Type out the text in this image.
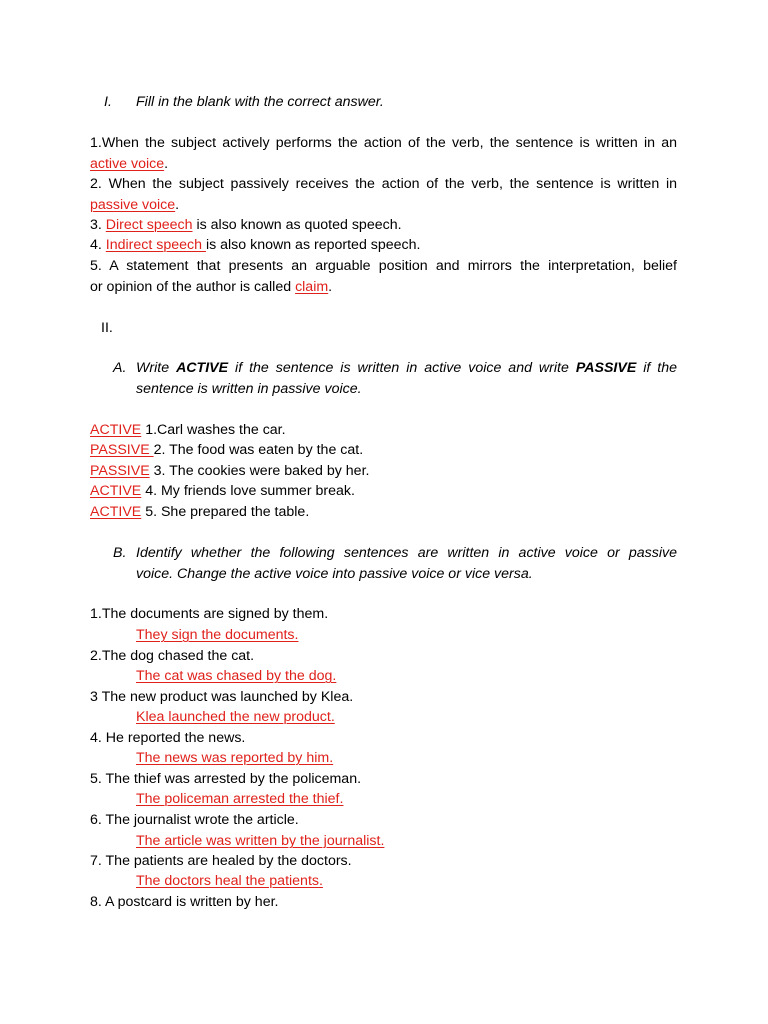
I. Fill in the blank with the correct answer.
1.When the subject actively performs the action of the verb, the sentence is written in an
active voice.
2. When the subject passively receives the action of the verb, the sentence is written in
passive voice.
3. Direct speech is also known as quoted speech.
4. Indirect speech is also known as reported speech.
5. A statement that presents an arguable position and mirrors the interpretation, belief
or opinion of the author is called claim.
II.
A. Write ACTIVE if the sentence is written in active voice and write PASSIVE if the
sentence is written in passive voice.
ACTIVE 1.Carl washes the car.
PASSIVE 2. The food was eaten by the cat.
PASSIVE 3. The cookies were baked by her.
ACTIVE 4. My friends love summer break.
ACTIVE 5. She prepared the table.
B. Identify whether the following sentences are written in active voice or passive
voice. Change the active voice into passive voice or vice versa.
1.The documents are signed by them.
They sign the documents.
2.The dog chased the cat.
The cat was chased by the dog.
3 The new product was launched by Klea.
Klea launched the new product.
4. He reported the news.
The news was reported by him.
5. The thief was arrested by the policeman.
The policeman arrested the thief.
6. The journalist wrote the article.
The article was written by the journalist.
7. The patients are healed by the doctors.
The doctors heal the patients.
8. A postcard is written by her.
